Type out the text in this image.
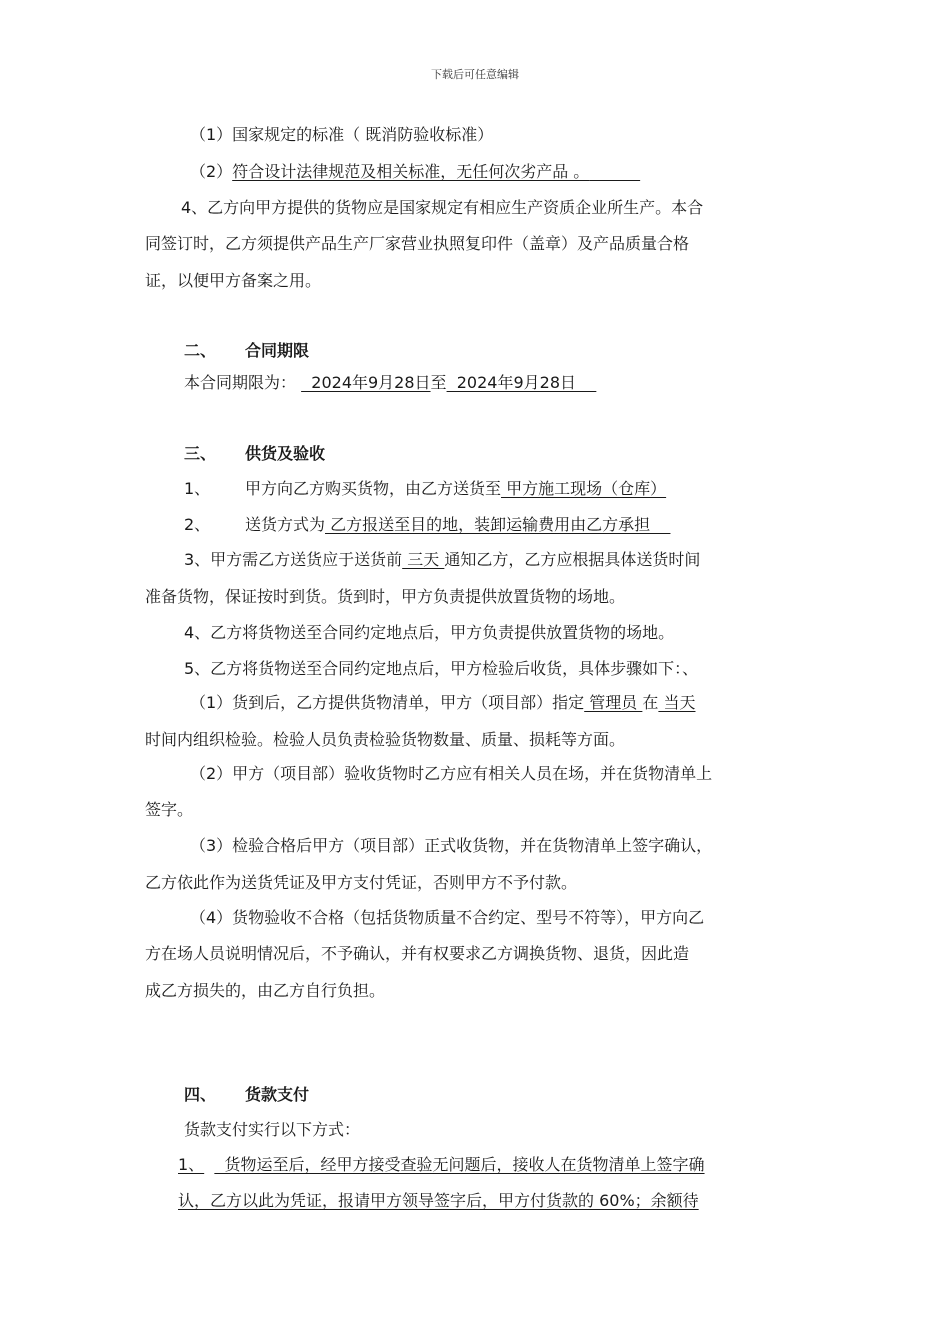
下载后可任意编辑
（1）国家规定的标准（ 既消防验收标准）
（2）符合设计法律规范及相关标准，无任何次劣产品 。
4、乙方向甲方提供的货物应是国家规定有相应生产资质企业所生产。本合
同签订时，乙方须提供产品生产厂家营业执照复印件（盖章）及产品质量合格
证，以便甲方备案之用。
二、 合同期限
本合同期限为：   2024年9月28日至  2024年9月28日
三、 供货及验收
1、 甲方向乙方购买货物，由乙方送货至 甲方施工现场（仓库）
2、 送货方式为 乙方报送至目的地，装卸运输费用由乙方承担
3、甲方需乙方送货应于送货前 三天 通知乙方，乙方应根据具体送货时间
准备货物，保证按时到货。货到时，甲方负责提供放置货物的场地。
4、乙方将货物送至合同约定地点后，甲方负责提供放置货物的场地。
5、乙方将货物送至合同约定地点后，甲方检验后收货，具体步骤如下：、
（1）货到后，乙方提供货物清单，甲方（项目部）指定 管理员 在 当天
时间内组织检验。检验人员负责检验货物数量、质量、损耗等方面。
（2）甲方（项目部）验收货物时乙方应有相关人员在场，并在货物清单上
签字。
（3）检验合格后甲方（项目部）正式收货物，并在货物清单上签字确认，
乙方依此作为送货凭证及甲方支付凭证，否则甲方不予付款。
（4）货物验收不合格（包括货物质量不合约定、型号不符等），甲方向乙
方在场人员说明情况后，不予确认，并有权要求乙方调换货物、退货，因此造
成乙方损失的，由乙方自行负担。
四、 货款支付
货款支付实行以下方式：
1、    货物运至后，经甲方接受查验无问题后，接收人在货物清单上签字确
认，乙方以此为凭证，报请甲方领导签字后，甲方付货款的 60%；余额待
